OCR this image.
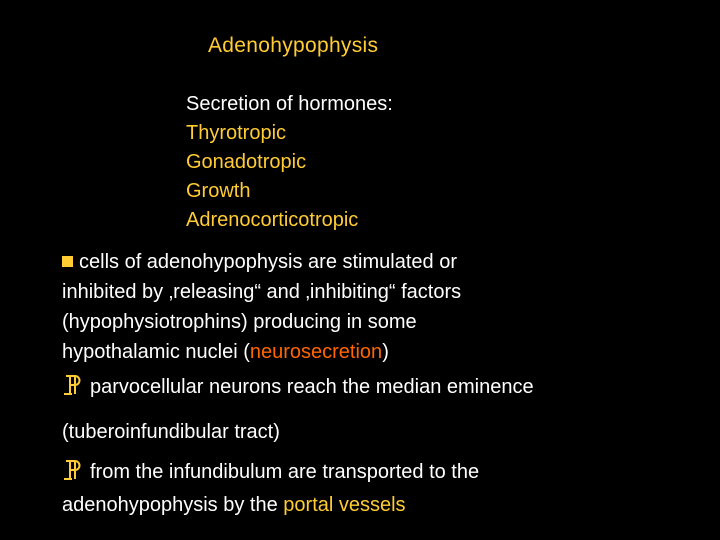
Adenohypophysis
Secretion of hormones:
Thyrotropic
Gonadotropic
Growth
Adrenocorticotropic
cells of adenohypophysis are stimulated or
inhibited by ‚releasing“ and ‚inhibiting“ factors
(hypophysiotrophins) producing in some
hypothalamic nuclei (neurosecretion)
parvocellular neurons reach the median eminence
(tuberoinfundibular tract)
from the infundibulum are transported to the
adenohypophysis by the portal vessels
